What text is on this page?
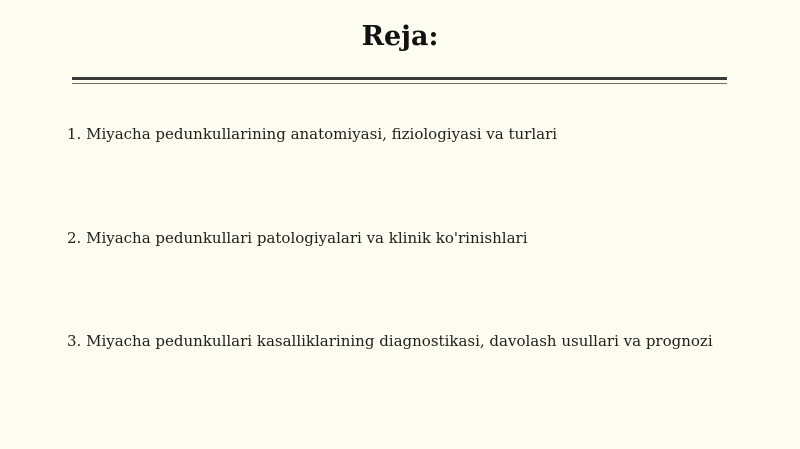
Reja:
1. Miyacha pedunkullarining anatomiyasi, fiziologiyasi va turlari
2. Miyacha pedunkullari patologiyalari va klinik ko'rinishlari
3. Miyacha pedunkullari kasalliklarining diagnostikasi, davolash usullari va prognozi
